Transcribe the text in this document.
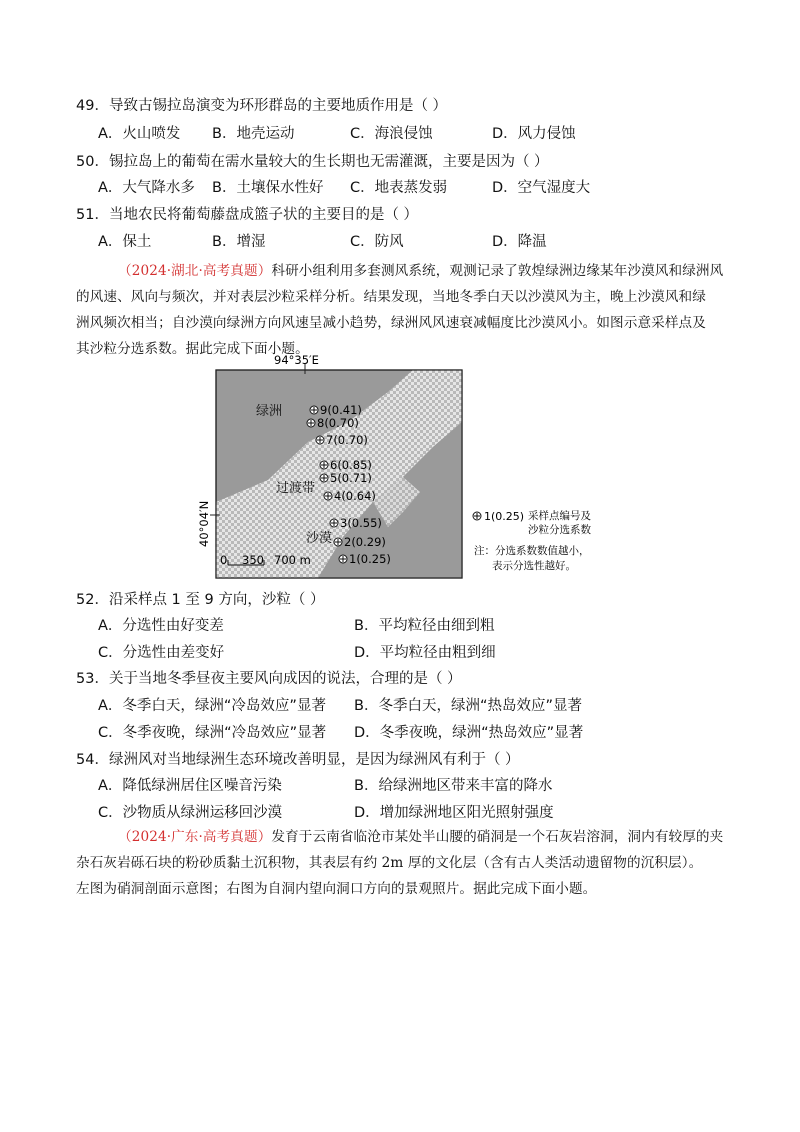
49．导致古锡拉岛演变为环形群岛的主要地质作用是（ ）
A．火山喷发 B．地壳运动	C．海浪侵蚀	D．风力侵蚀
50．锡拉岛上的葡萄在需水量较大的生长期也无需灌溉，主要是因为（ ）
A．大气降水多 B．土壤保水性好 C．地表蒸发弱	D．空气湿度大
51．当地农民将葡萄藤盘成篮子状的主要目的是（ ）
A．保土	B．增湿	C．防风	D．降温
（2024·湖北·高考真题）科研小组利用多套测风系统，观测记录了敦煌绿洲边缘某年沙漠风和绿洲风
的风速、风向与频次，并对表层沙粒采样分析。结果发现，当地冬季白天以沙漠风为主，晚上沙漠风和绿
洲风频次相当；自沙漠向绿洲方向风速呈减小趋势，绿洲风风速衰减幅度比沙漠风小。如图示意采样点及
其沙粒分选系数。据此完成下面小题。
94°35′E
40°04′N
绿洲
过渡带
沙漠
9(0.41)
8(0.70)
7(0.70)
6(0.85)
5(0.71)
4(0.64)
3(0.55)
2(0.29)
1(0.25)
0 350 700 m
1(0.25) 采样点编号及
沙粒分选系数
注：分选系数数值越小，
表示分选性越好。
52．沿采样点 1 至 9 方向，沙粒（ ）
A．分选性由好变差	B．平均粒径由细到粗
C．分选性由差变好	D．平均粒径由粗到细
53．关于当地冬季昼夜主要风向成因的说法，合理的是（ ）
A．冬季白天，绿洲“冷岛效应”显著 B．冬季白天，绿洲“热岛效应”显著
C．冬季夜晚，绿洲“冷岛效应”显著 D．冬季夜晚，绿洲“热岛效应”显著
54．绿洲风对当地绿洲生态环境改善明显，是因为绿洲风有利于（ ）
A．降低绿洲居住区噪音污染	B．给绿洲地区带来丰富的降水
C．沙物质从绿洲运移回沙漠	D．增加绿洲地区阳光照射强度
（2024·广东·高考真题）发育于云南省临沧市某处半山腰的硝洞是一个石灰岩溶洞，洞内有较厚的夹
杂石灰岩砾石块的粉砂质黏土沉积物，其表层有约 2m 厚的文化层（含有古人类活动遗留物的沉积层）。
左图为硝洞剖面示意图；右图为自洞内望向洞口方向的景观照片。据此完成下面小题。
